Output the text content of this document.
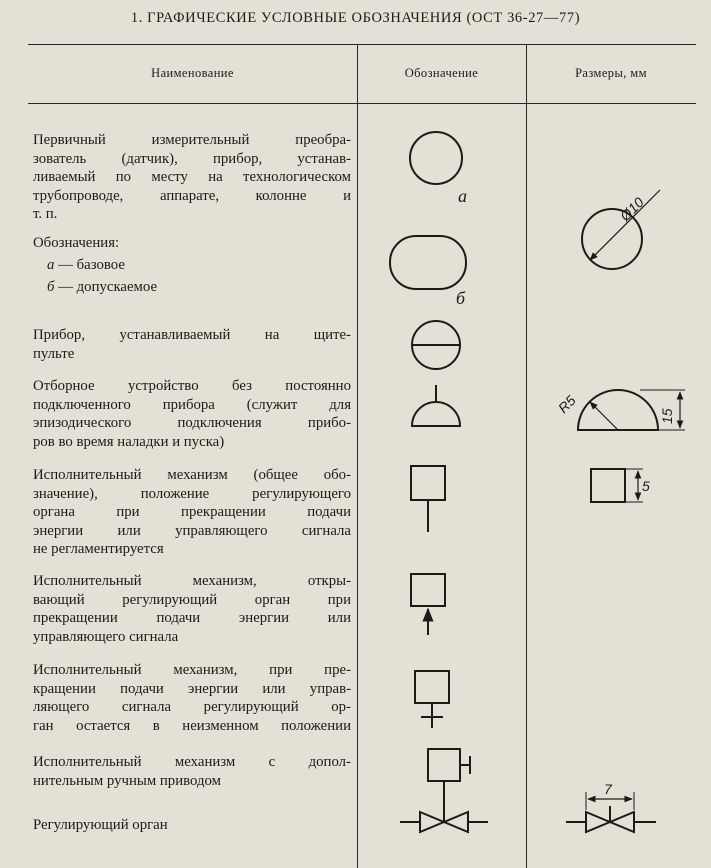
1. ГРАФИЧЕСКИЕ УСЛОВНЫЕ ОБОЗНАЧЕНИЯ (ОСТ 36-27—77)
Наименование	Обозначение	Размеры, мм
Первичный измерительный преобра-
зователь (датчик), прибор, устанав-
ливаемый по месту на технологическом
трубопроводе, аппарате, колонне и
т. п.
Обозначения:
а — базовое
б — допускаемое
Прибор, устанавливаемый на щите-
пульте
Отборное устройство без постоянно
подключенного прибора (служит для
эпизодического подключения прибо-
ров во время наладки и пуска)
Исполнительный механизм (общее обо-
значение), положение регулирующего
органа при прекращении подачи
энергии или управляющего сигнала
не регламентируется
Исполнительный механизм, откры-
вающий регулирующий орган при
прекращении подачи энергии или
управляющего сигнала
Исполнительный механизм, при пре-
кращении подачи энергии или управ-
ляющего сигнала регулирующий ор-
ган остается в неизменном положении
Исполнительный механизм с допол-
нительным ручным приводом
Регулирующий орган
а
б
Ø10
R5
15
5
7
